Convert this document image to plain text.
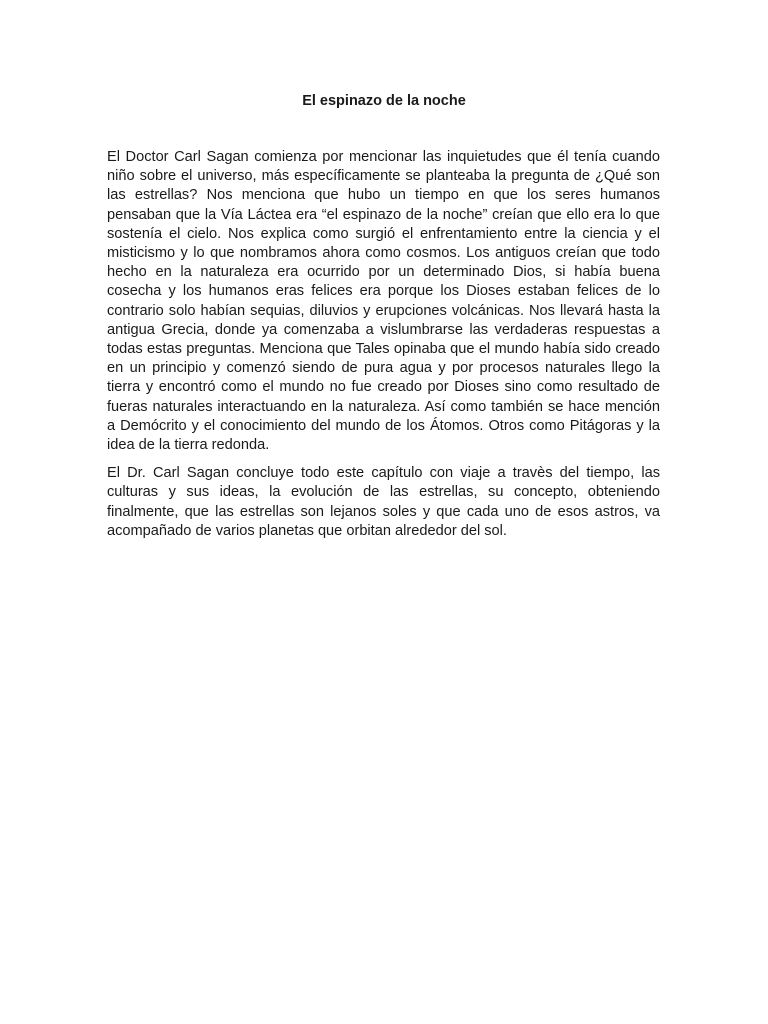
El espinazo de la noche

El Doctor Carl Sagan comienza por mencionar las inquietudes que él tenía cuando niño sobre el universo, más específicamente se planteaba la pregunta de ¿Qué son las estrellas? Nos menciona que hubo un tiempo en que los seres humanos pensaban que la Vía Láctea era “el espinazo de la noche” creían que ello era lo que sostenía el cielo. Nos explica como surgió el enfrentamiento entre la ciencia y el misticismo y lo que nombramos ahora como cosmos. Los antiguos creían que todo hecho en la naturaleza era ocurrido por un determinado Dios, si había buena cosecha y los humanos eras felices era porque los Dioses estaban felices de lo contrario solo habían sequias, diluvios y erupciones volcánicas. Nos llevará hasta la antigua Grecia, donde ya comenzaba a vislumbrarse las verdaderas respuestas a todas estas preguntas. Menciona que Tales opinaba que el mundo había sido creado en un principio y comenzó siendo de pura agua y por procesos naturales llego la tierra y encontró como el mundo no fue creado por Dioses sino como resultado de fueras naturales interactuando en la naturaleza. Así como también se hace mención a Demócrito y el conocimiento del mundo de los Átomos. Otros como Pitágoras y la idea de la tierra redonda.

El Dr. Carl Sagan concluye todo este capítulo con viaje a travès del tiempo, las culturas y sus ideas, la evolución de las estrellas, su concepto, obteniendo finalmente, que las estrellas son lejanos soles y que cada uno de esos astros, va acompañado de varios planetas que orbitan alrededor del sol.
